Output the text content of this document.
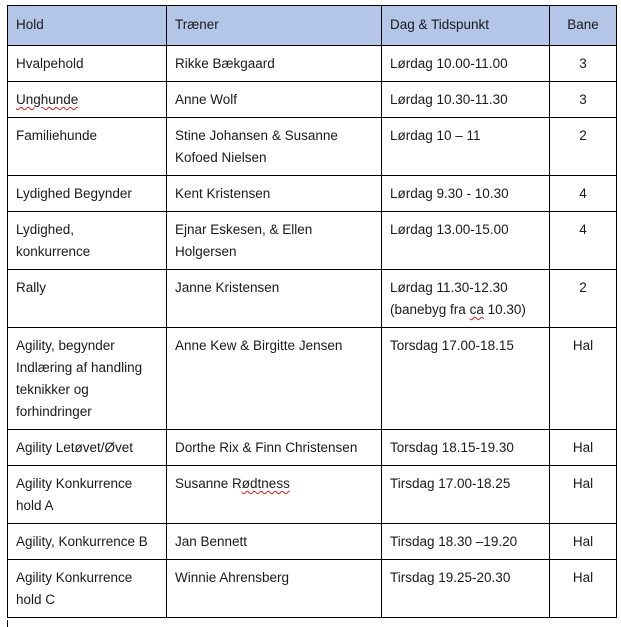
Hold	Træner	Dag & Tidspunkt	Bane

Hvalpehold	Rikke Bækgaard	Lørdag 10.00-11.00	3

Unghunde	Anne Wolf	Lørdag 10.30-11.30	3

Familiehunde	Stine Johansen & Susanne
Kofoed Nielsen	Lørdag 10 – 11	2

Lydighed Begynder	Kent Kristensen	Lørdag 9.30 - 10.30	4

Lydighed,
konkurrence	Ejnar Eskesen, & Ellen
Holgersen	Lørdag 13.00-15.00	4

Rally	Janne Kristensen	Lørdag 11.30-12.30
(banebyg fra ca 10.30)	2

Agility, begynder
Indlæring af handling
teknikker og
forhindringer	Anne Kew & Birgitte Jensen	Torsdag 17.00-18.15	Hal

Agility Letøvet/Øvet	Dorthe Rix & Finn Christensen	Torsdag 18.15-19.30	Hal

Agility Konkurrence
hold A	Susanne Rødtness	Tirsdag 17.00-18.25	Hal

Agility, Konkurrence B	Jan Bennett	Tirsdag 18.30 –19.20	Hal

Agility Konkurrence
hold C	Winnie Ahrensberg	Tirsdag 19.25-20.30	Hal
